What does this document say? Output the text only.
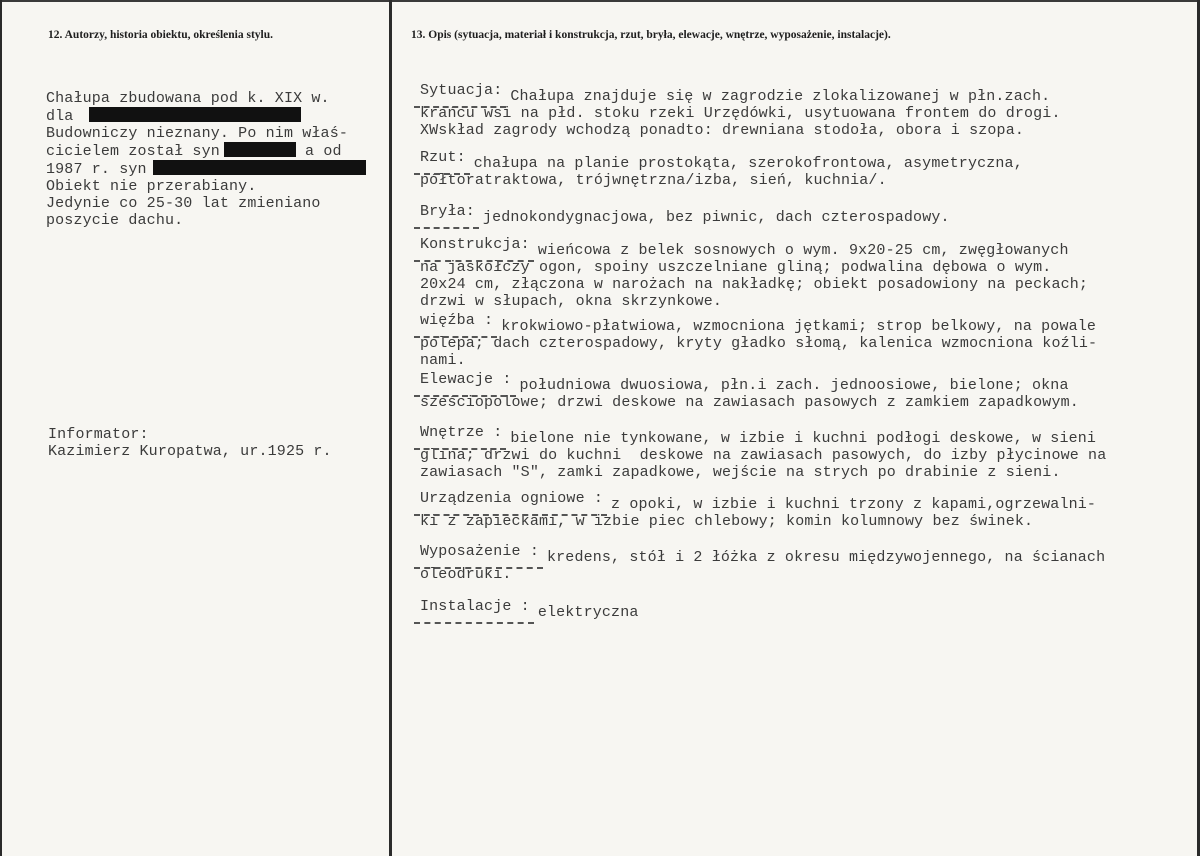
12. Autorzy, historia obiektu, określenia stylu.	13. Opis (sytuacja, materiał i konstrukcja, rzut, bryła, elewacje, wnętrze, wyposażenie, instalacje).
Chałupa zbudowana pod k. XIX w.
dla
Budowniczy nieznany. Po nim właś-
cicielem został syn	a od
1987 r. syn
Obiekt nie przerabiany.
Jedynie co 25-30 lat zmieniano
poszycie dachu.
Informator:
Kazimierz Kuropatwa, ur.1925 r.
Sytuacja: Chałupa znajduje się w zagrodzie zlokalizowanej w płn.zach.
krańcu wsi na płd. stoku rzeki Urzędówki, usytuowana frontem do drogi.
XWskład zagrody wchodzą ponadto: drewniana stodoła, obora i szopa.
Rzut: chałupa na planie prostokąta, szerokofrontowa, asymetryczna,
półtoratraktowa, trójwnętrzna/izba, sień, kuchnia/.
Bryła: jednokondygnacjowa, bez piwnic, dach czterospadowy.
Konstrukcja: wieńcowa z belek sosnowych o wym. 9x20-25 cm, zwęgłowanych
na jaskółczy ogon, spoiny uszczelniane gliną; podwalina dębowa o wym.
20x24 cm, złączona w narożach na nakładkę; obiekt posadowiony na peckach;
drzwi w słupach, okna skrzynkowe.
więźba : krokwiowo-płatwiowa, wzmocniona jętkami; strop belkowy, na powale
polepa; dach czterospadowy, kryty gładko słomą, kalenica wzmocniona koźli-
nami.
Elewacje : południowa dwuosiowa, płn.i zach. jednoosiowe, bielone; okna
sześciopolowe; drzwi deskowe na zawiasach pasowych z zamkiem zapadkowym.
Wnętrze : bielone nie tynkowane, w izbie i kuchni podłogi deskowe, w sieni
glina; drzwi do kuchni  deskowe na zawiasach pasowych, do izby płycinowe na
zawiasach "S", zamki zapadkowe, wejście na strych po drabinie z sieni.
Urządzenia ogniowe : z opoki, w izbie i kuchni trzony z kapami,ogrzewalni-
ki z zapieckami, w izbie piec chlebowy; komin kolumnowy bez świnek.
Wyposażenie : kredens, stół i 2 łóżka z okresu międzywojennego, na ścianach
oleodruki.
Instalacje : elektryczna
